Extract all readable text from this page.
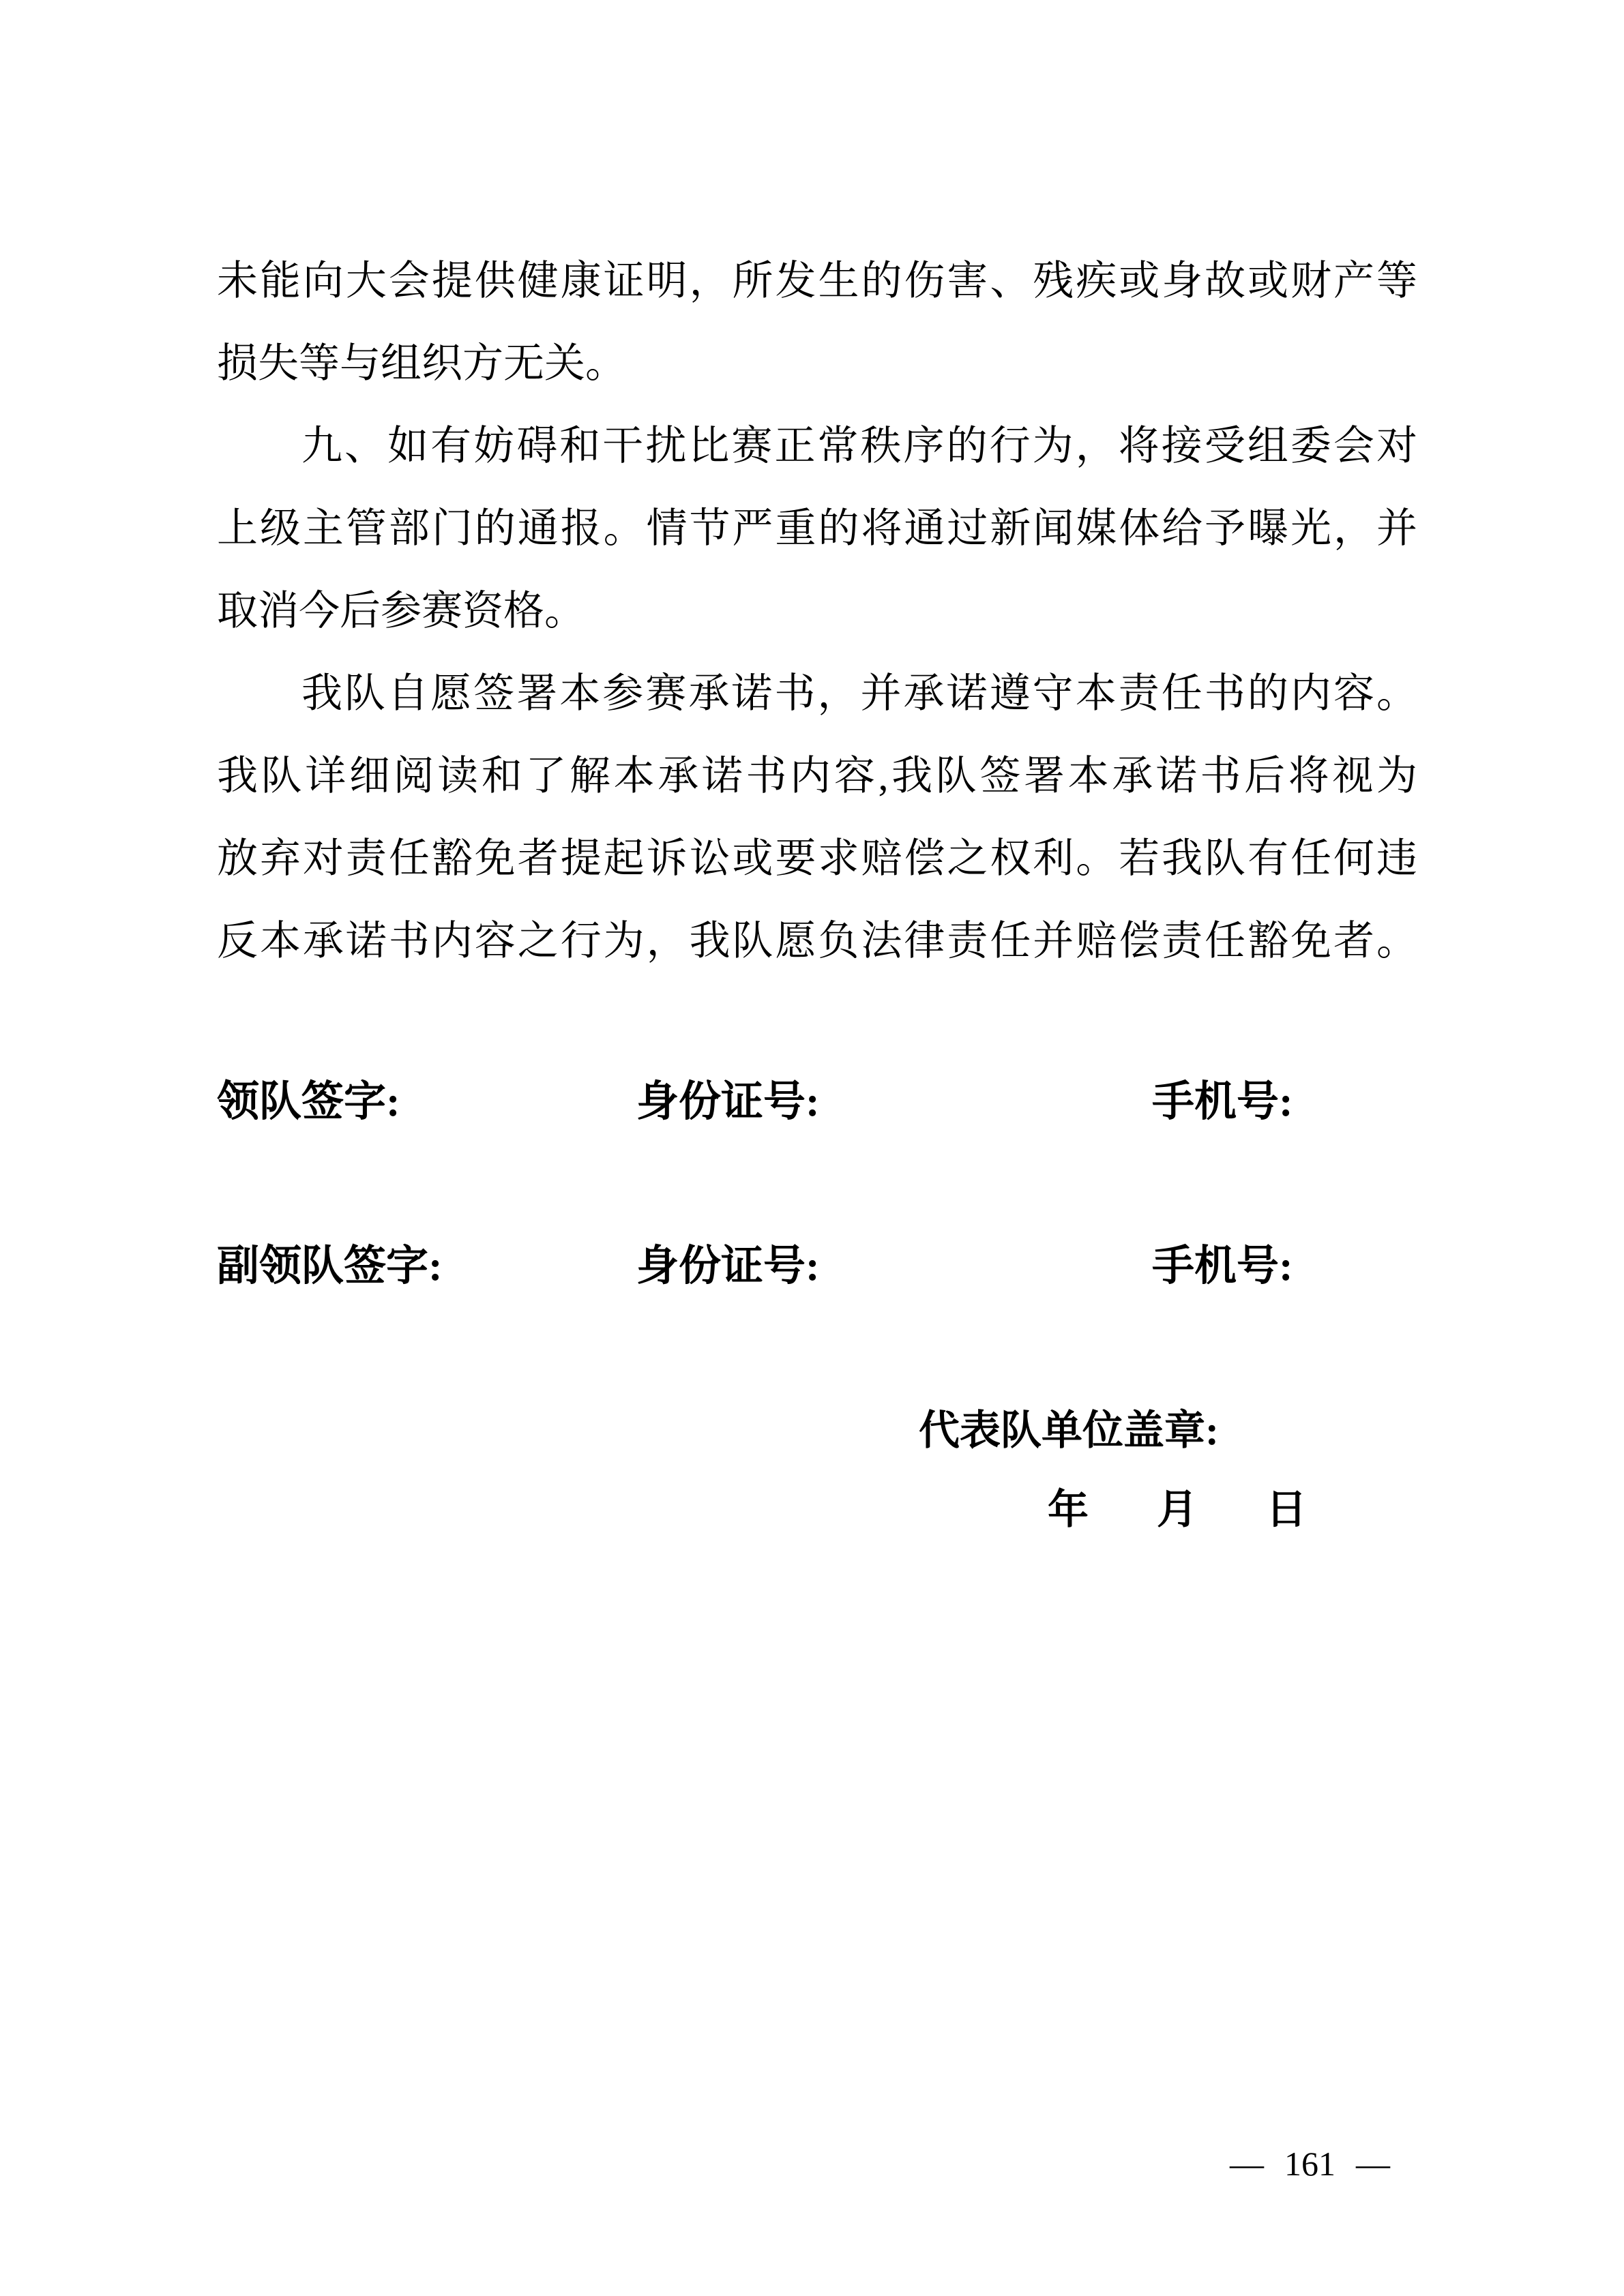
未能向大会提供健康证明，所发生的伤害、残疾或身故或财产等
损失等与组织方无关。
九、如有妨碍和干扰比赛正常秩序的行为，将接受组委会对
上级主管部门的通报。情节严重的将通过新闻媒体给予曝光，并
取消今后参赛资格。
我队自愿签署本参赛承诺书，并承诺遵守本责任书的内容。
我队详细阅读和了解本承诺书内容,我队签署本承诺书后将视为
放弃对责任豁免者提起诉讼或要求赔偿之权利。若我队有任何违
反本承诺书内容之行为，我队愿负法律责任并赔偿责任豁免者。
领队签字:	身份证号:	手机号:
副领队签字:	身份证号:	手机号:
代表队单位盖章:
年 月 日
— 161 —
